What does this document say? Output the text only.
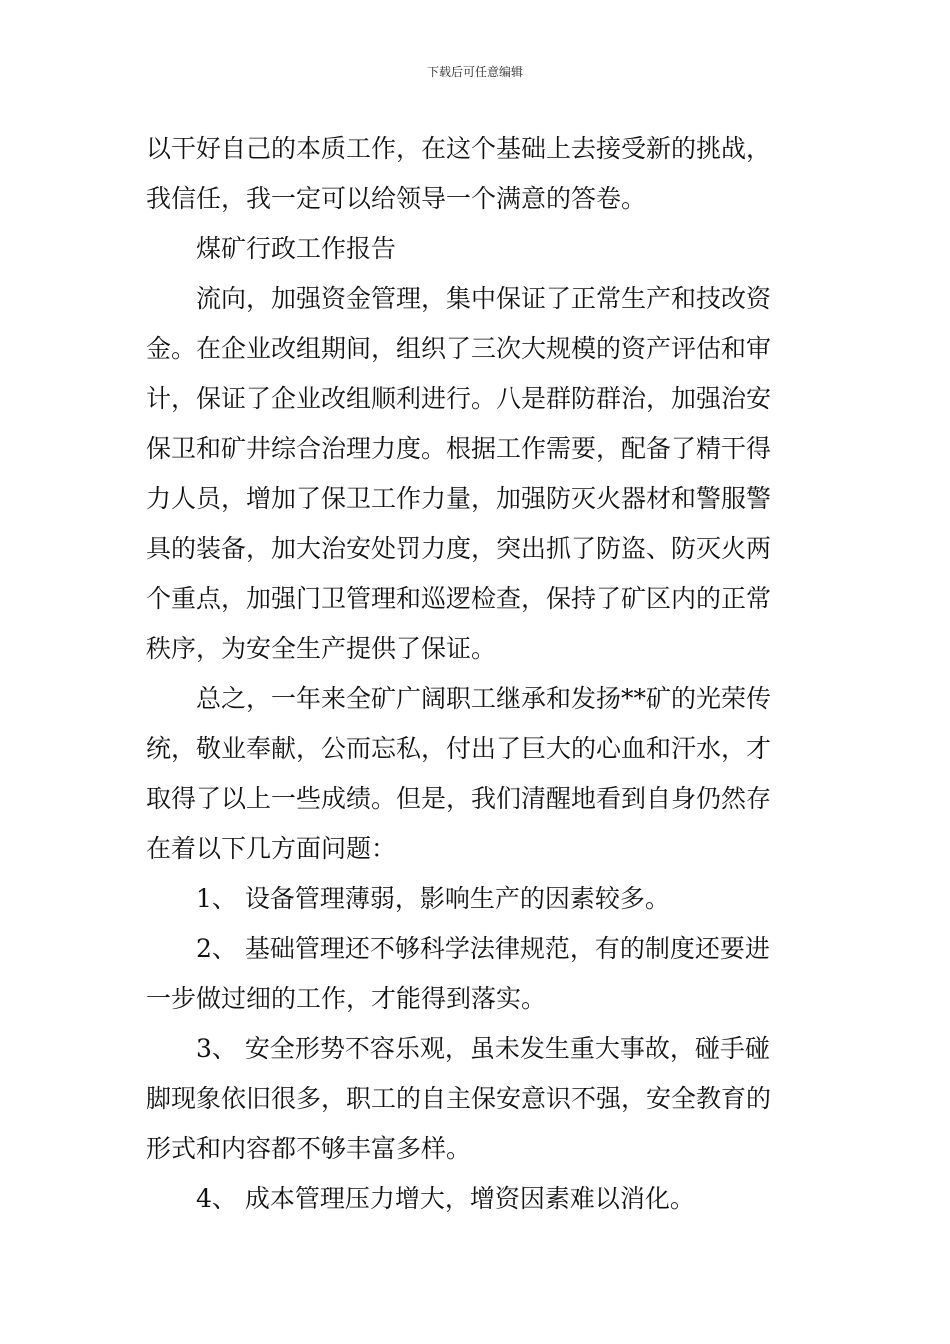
下载后可任意编辑
以干好自己的本质工作，在这个基础上去接受新的挑战，
我信任，我一定可以给领导一个满意的答卷。
煤矿行政工作报告
流向，加强资金管理，集中保证了正常生产和技改资
金。在企业改组期间，组织了三次大规模的资产评估和审
计，保证了企业改组顺利进行。八是群防群治，加强治安
保卫和矿井综合治理力度。根据工作需要，配备了精干得
力人员，增加了保卫工作力量，加强防灭火器材和警服警
具的装备，加大治安处罚力度，突出抓了防盗、防灭火两
个重点，加强门卫管理和巡逻检查，保持了矿区内的正常
秩序，为安全生产提供了保证。
总之，一年来全矿广阔职工继承和发扬**矿的光荣传
统，敬业奉献，公而忘私，付出了巨大的心血和汗水，才
取得了以上一些成绩。但是，我们清醒地看到自身仍然存
在着以下几方面问题：
1、 设备管理薄弱，影响生产的因素较多。
2、 基础管理还不够科学法律规范，有的制度还要进
一步做过细的工作，才能得到落实。
3、 安全形势不容乐观，虽未发生重大事故，碰手碰
脚现象依旧很多，职工的自主保安意识不强，安全教育的
形式和内容都不够丰富多样。
4、 成本管理压力增大，增资因素难以消化。
